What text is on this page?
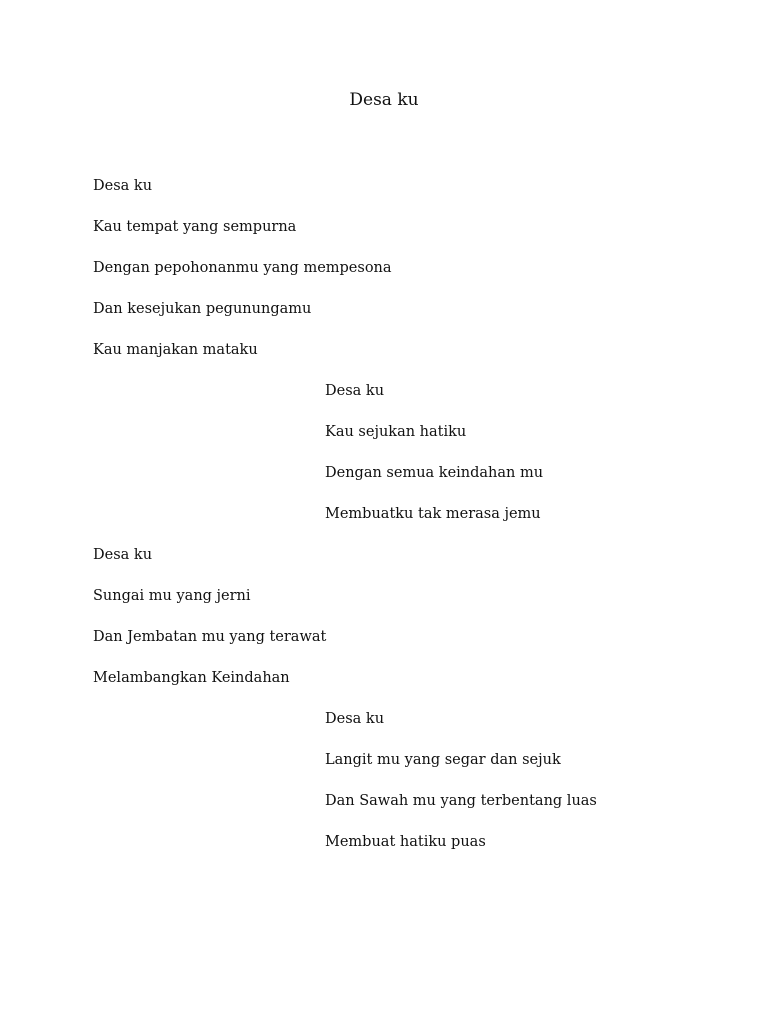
Desa ku

Desa ku

Kau tempat yang sempurna

Dengan pepohonanmu yang mempesona

Dan kesejukan pegunungamu

Kau manjakan mataku

Desa ku

Kau sejukan hatiku

Dengan semua keindahan mu

Membuatku tak merasa jemu

Desa ku

Sungai mu yang jerni

Dan Jembatan mu yang terawat

Melambangkan Keindahan

Desa ku

Langit mu yang segar dan sejuk

Dan Sawah mu yang terbentang luas

Membuat hatiku puas
